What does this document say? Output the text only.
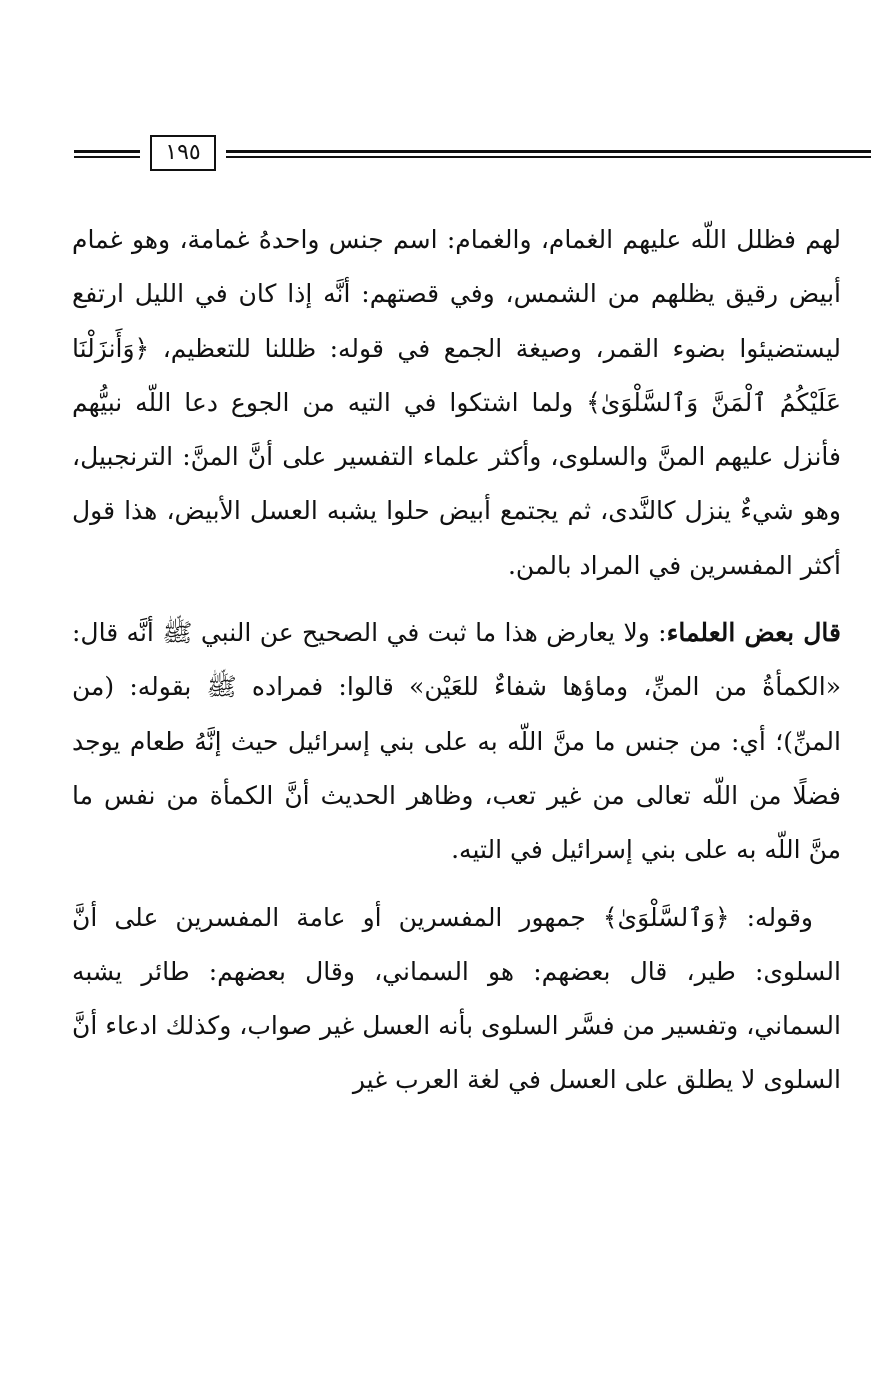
١٩٥

لهم فظلل اللّه عليهم الغمام، والغمام: اسم جنس واحدهُ غمامة، وهو غمام أبيض رقيق يظلهم من الشمس، وفي قصتهم: أنَّه إذا كان في الليل ارتفع ليستضيئوا بضوء القمر، وصيغة الجمع في قوله: ظللنا للتعظيم، ﴿وَأَنزَلْنَا عَلَيْكُمُ ٱلْمَنَّ وَٱلسَّلْوَىٰ﴾ ولما اشتكوا في التيه من الجوع دعا اللّه نبيُّهم فأنزل عليهم المنَّ والسلوى، وأكثر علماء التفسير على أنَّ المنَّ: الترنجبيل، وهو شيءٌ ينزل كالنَّدى، ثم يجتمع أبيض حلوا يشبه العسل الأبيض، هذا قول أكثر المفسرين في المراد بالمن.

قال بعض العلماء: ولا يعارض هذا ما ثبت في الصحيح عن النبي ﷺ أنَّه قال: «الكمأةُ من المنِّ، وماؤها شفاءٌ للعَيْن» قالوا: فمراده ﷺ بقوله: (من المنِّ)؛ أي: من جنس ما منَّ اللّه به على بني إسرائيل حيث إنَّهُ طعام يوجد فضلًا من اللّه تعالى من غير تعب، وظاهر الحديث أنَّ الكمأة من نفس ما منَّ اللّه به على بني إسرائيل في التيه.

وقوله: ﴿وَٱلسَّلْوَىٰ﴾ جمهور المفسرين أو عامة المفسرين على أنَّ السلوى: طير، قال بعضهم: هو السماني، وقال بعضهم: طائر يشبه السماني، وتفسير من فسَّر السلوى بأنه العسل غير صواب، وكذلك ادعاء أنَّ السلوى لا يطلق على العسل في لغة العرب غير
